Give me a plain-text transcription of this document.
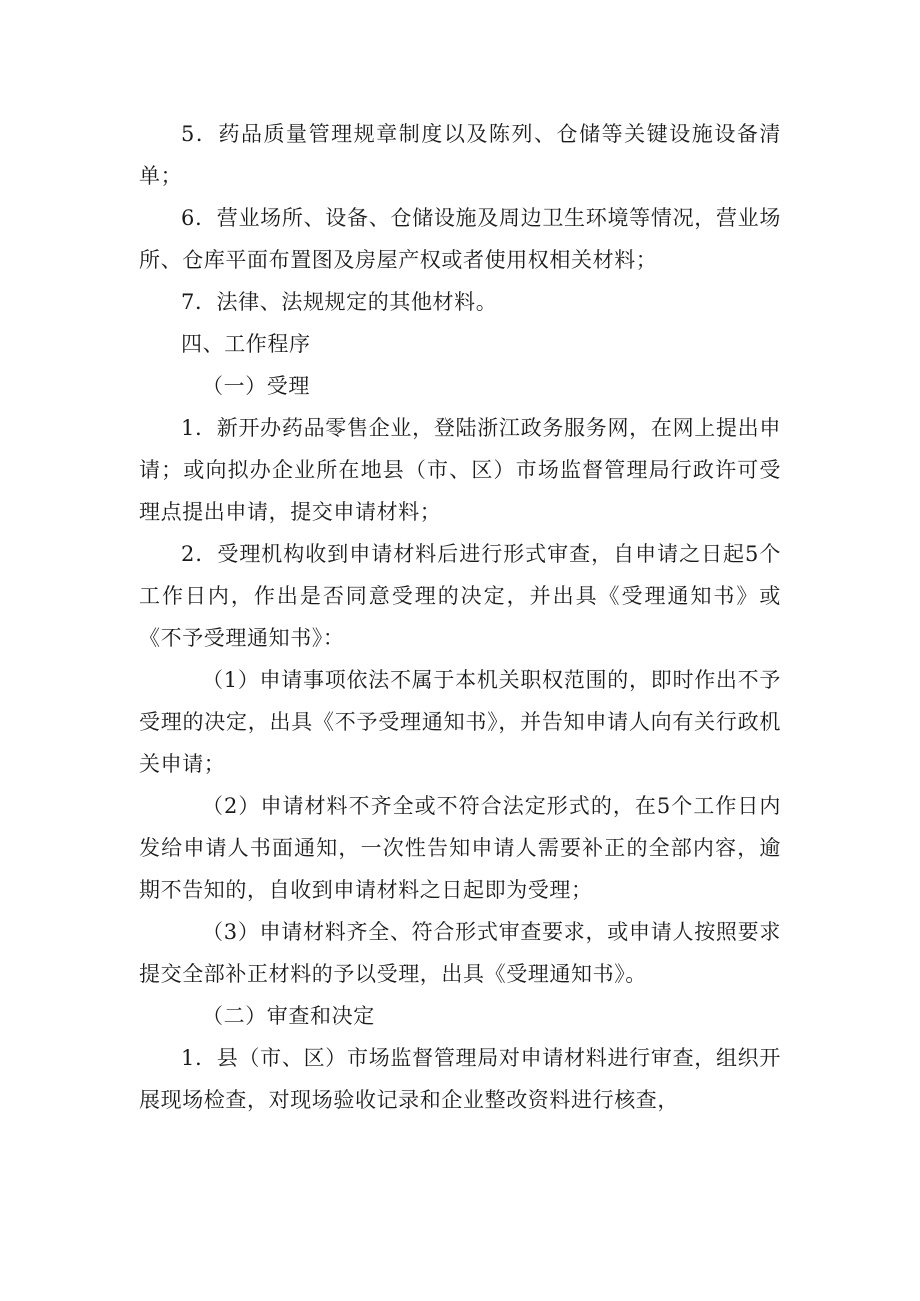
5．药品质量管理规章制度以及陈列、仓储等关键设施设备清单；

6．营业场所、设备、仓储设施及周边卫生环境等情况，营业场所、仓库平面布置图及房屋产权或者使用权相关材料；

7．法律、法规规定的其他材料。

四、工作程序

（一）受理

1．新开办药品零售企业，登陆浙江政务服务网，在网上提出申请；或向拟办企业所在地县（市、区）市场监督管理局行政许可受理点提出申请，提交申请材料；

2．受理机构收到申请材料后进行形式审查，自申请之日起5个工作日内，作出是否同意受理的决定，并出具《受理通知书》或《不予受理通知书》：

（1）申请事项依法不属于本机关职权范围的，即时作出不予受理的决定，出具《不予受理通知书》，并告知申请人向有关行政机关申请；

（2）申请材料不齐全或不符合法定形式的，在5个工作日内发给申请人书面通知，一次性告知申请人需要补正的全部内容，逾期不告知的，自收到申请材料之日起即为受理；

（3）申请材料齐全、符合形式审查要求，或申请人按照要求提交全部补正材料的予以受理，出具《受理通知书》。

（二）审查和决定

1．县（市、区）市场监督管理局对申请材料进行审查，组织开展现场检查，对现场验收记录和企业整改资料进行核查，
